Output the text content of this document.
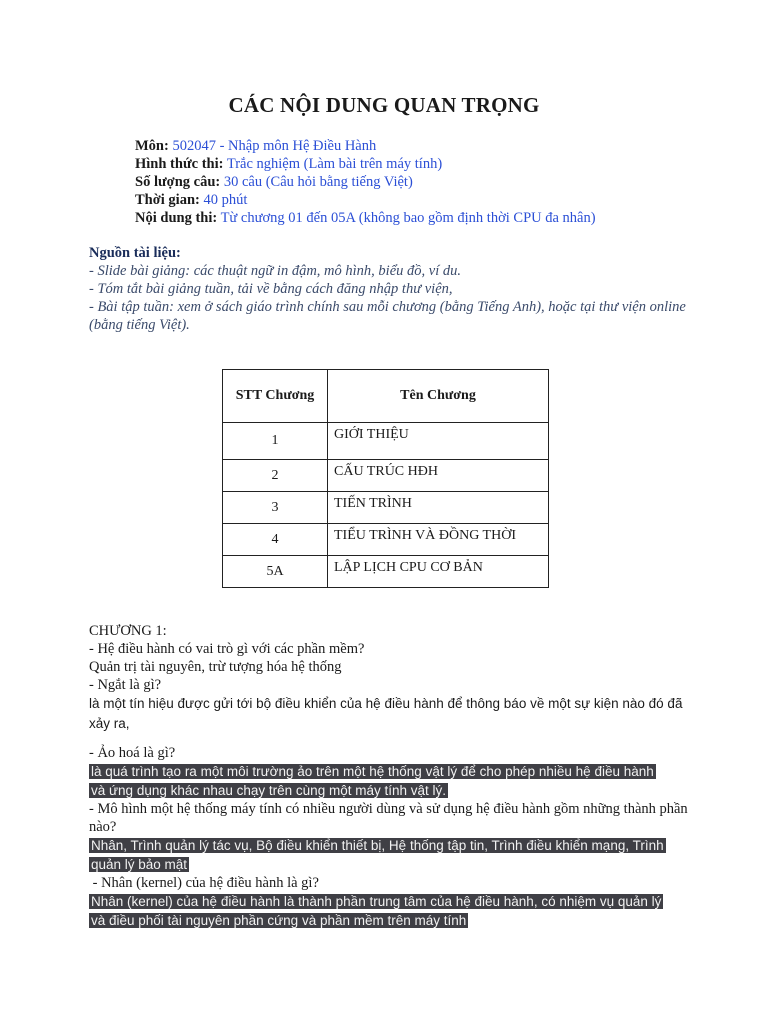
CÁC NỘI DUNG QUAN TRỌNG
Môn: 502047 - Nhập môn Hệ Điều Hành
Hình thức thi: Trắc nghiệm (Làm bài trên máy tính)
Số lượng câu: 30 câu (Câu hỏi bằng tiếng Việt)
Thời gian: 40 phút
Nội dung thi: Từ chương 01 đến 05A (không bao gồm định thời CPU đa nhân)
Nguồn tài liệu:
- Slide bài giảng: các thuật ngữ in đậm, mô hình, biểu đồ, ví du.
- Tóm tắt bài giảng tuần, tải về bằng cách đăng nhập thư viện,
- Bài tập tuần: xem ở sách giáo trình chính sau mỗi chương (bằng Tiếng Anh), hoặc tại thư viện online (bằng tiếng Việt).
STT Chương	Tên Chương
1	GIỚI THIỆU
2	CẤU TRÚC HĐH
3	TIẾN TRÌNH
4	TIỂU TRÌNH VÀ ĐỒNG THỜI
5A	LẬP LỊCH CPU CƠ BẢN
CHƯƠNG 1:
- Hệ điều hành có vai trò gì với các phần mềm?
Quản trị tài nguyên, trừ tượng hóa hệ thống
- Ngắt là gì?
là một tín hiệu được gửi tới bộ điều khiển của hệ điều hành để thông báo về một sự kiện nào đó đã xảy ra,
- Ảo hoá là gì?
là quá trình tạo ra một môi trường ảo trên một hệ thống vật lý để cho phép nhiều hệ điều hành
và ứng dụng khác nhau chạy trên cùng một máy tính vật lý.
- Mô hình một hệ thống máy tính có nhiều người dùng và sử dụng hệ điều hành gồm những thành phần nào?
Nhân, Trình quản lý tác vụ, Bộ điều khiển thiết bị, Hệ thống tập tin, Trình điều khiển mạng, Trình
quản lý bảo mật
- Nhân (kernel) của hệ điều hành là gì?
Nhân (kernel) của hệ điều hành là thành phần trung tâm của hệ điều hành, có nhiệm vụ quản lý
và điều phối tài nguyên phần cứng và phần mềm trên máy tính
